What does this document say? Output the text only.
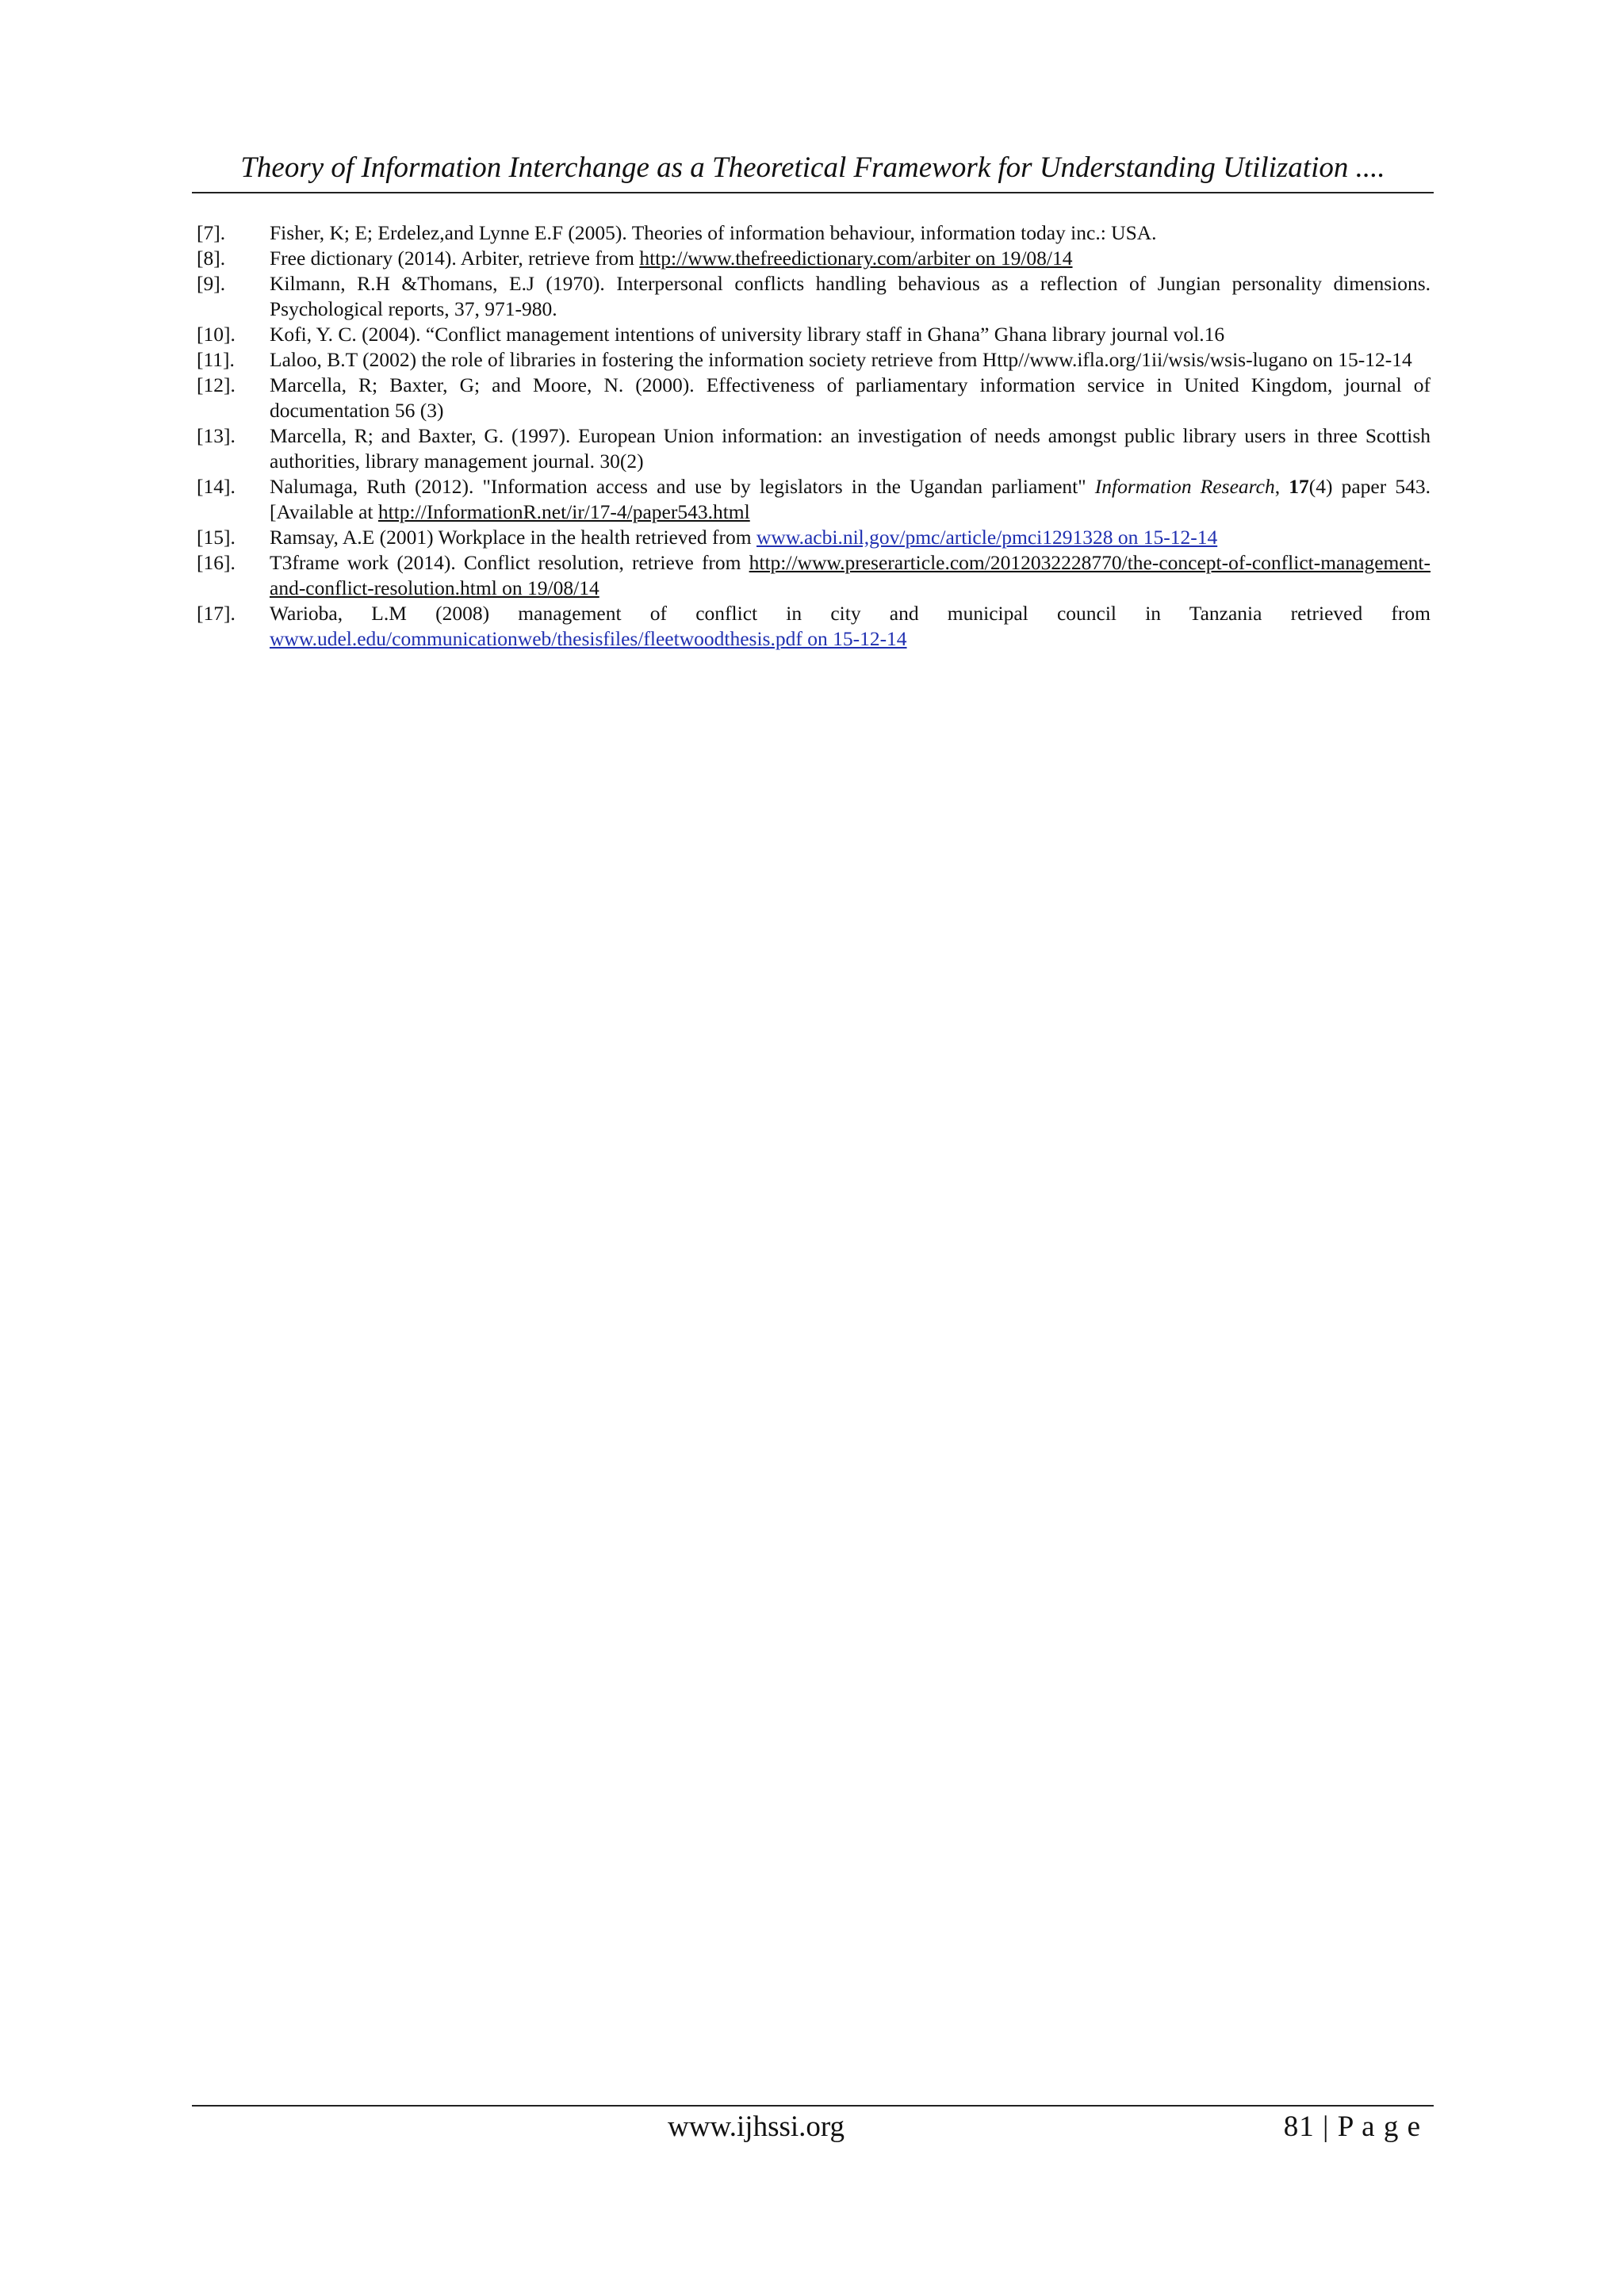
Theory of Information Interchange as a Theoretical Framework for Understanding Utilization ....
[7].	Fisher, K; E; Erdelez,and Lynne E.F (2005). Theories of information behaviour, information today inc.: USA.
[8].	Free dictionary (2014). Arbiter, retrieve from http://www.thefreedictionary.com/arbiter on 19/08/14
[9].	Kilmann, R.H &Thomans, E.J (1970). Interpersonal conflicts handling behavious as a reflection of Jungian personality dimensions. Psychological reports, 37, 971-980.
[10].	Kofi, Y. C. (2004). “Conflict management intentions of university library staff in Ghana” Ghana library journal vol.16
[11].	Laloo, B.T (2002) the role of libraries in fostering the information society retrieve from Http//www.ifla.org/1ii/wsis/wsis-lugano on 15-12-14
[12].	Marcella, R; Baxter, G; and Moore, N. (2000). Effectiveness of parliamentary information service in United Kingdom, journal of documentation 56 (3)
[13].	Marcella, R; and Baxter, G. (1997). European Union information: an investigation of needs amongst public library users in three Scottish authorities, library management journal. 30(2)
[14].	Nalumaga, Ruth (2012). "Information access and use by legislators in the Ugandan parliament" Information Research, 17(4) paper 543. [Available at http://InformationR.net/ir/17-4/paper543.html
[15].	Ramsay, A.E (2001) Workplace in the health retrieved from www.acbi.nil,gov/pmc/article/pmci1291328 on 15-12-14
[16].	T3frame work (2014). Conflict resolution, retrieve from http://www.preserarticle.com/2012032228770/the-concept-of-conflict-management-and-conflict-resolution.html on 19/08/14
[17].	Warioba, L.M (2008) management of conflict in city and municipal council in Tanzania retrieved from www.udel.edu/communicationweb/thesisfiles/fleetwoodthesis.pdf on 15-12-14
www.ijhssi.org	81 | P a g e
